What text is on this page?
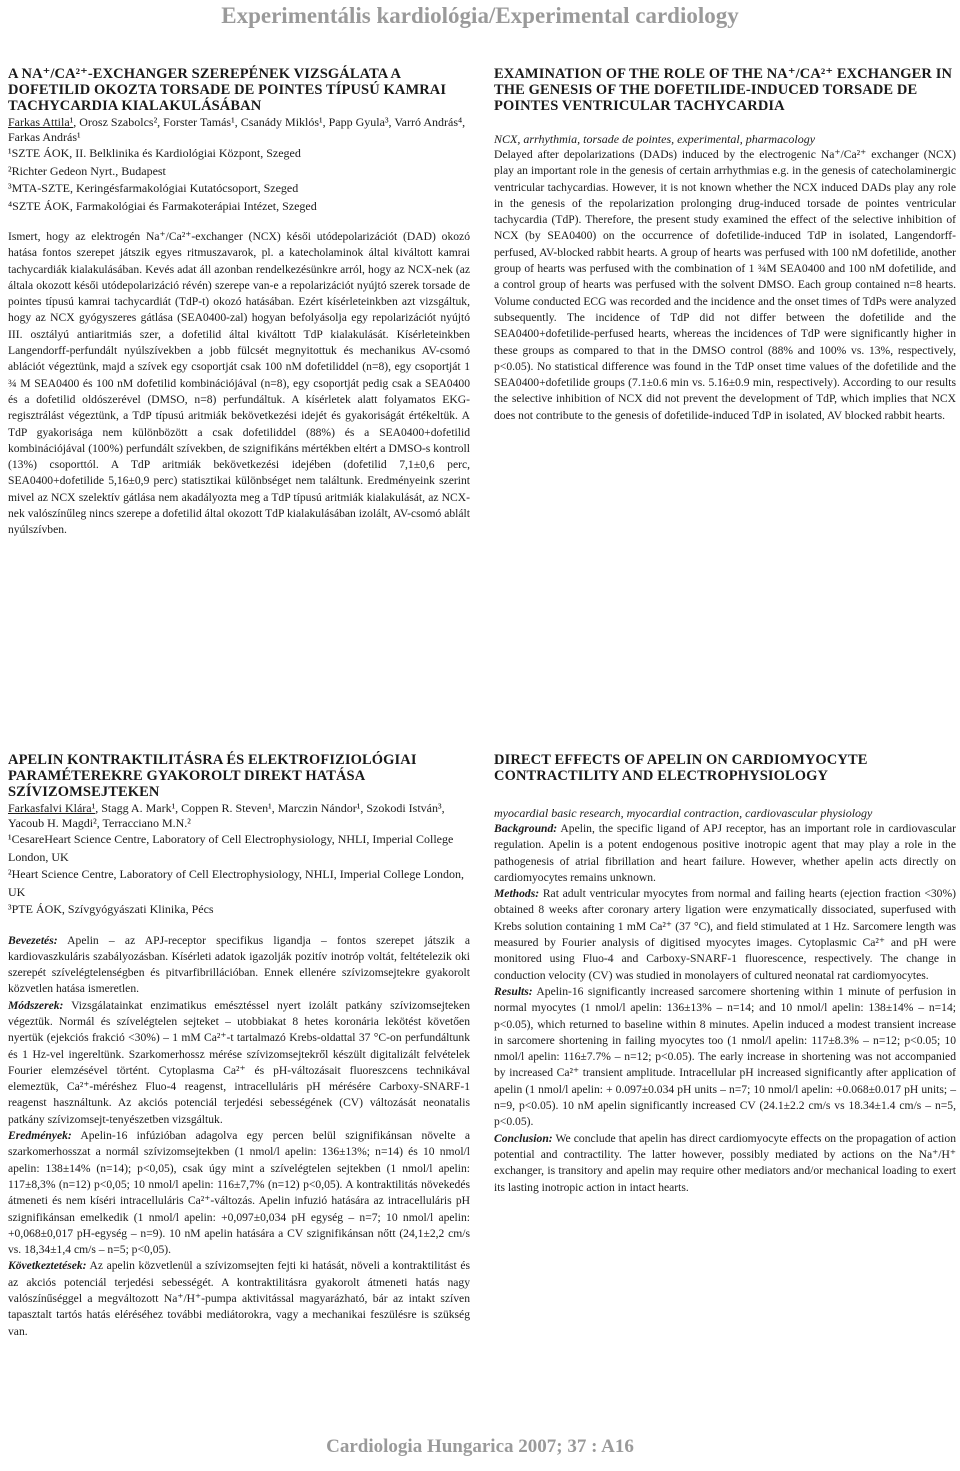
Experimentális kardiológia/Experimental cardiology
A NA⁺/CA²⁺-EXCHANGER SZEREPÉNEK VIZSGÁLATA A DOFETILID OKOZTA TORSADE DE POINTES TÍPUSÚ KAMRAI TACHYCARDIA KIALAKULÁSÁBAN
Farkas Attila¹, Orosz Szabolcs², Forster Tamás¹, Csanády Miklós¹, Papp Gyula³, Varró András⁴, Farkas András¹
¹SZTE ÁOK, II. Belklinika és Kardiológiai Központ, Szeged
²Richter Gedeon Nyrt., Budapest
³MTA-SZTE, Keringésfarmakológiai Kutatócsoport, Szeged
⁴SZTE ÁOK, Farmakológiai és Farmakoterápiai Intézet, Szeged
Ismert, hogy az elektrogén Na⁺/Ca²⁺-exchanger (NCX) késői utódepolarizációt (DAD) okozó hatása fontos szerepet játszik egyes ritmuszavarok, pl. a katecholaminok által kiváltott kamrai tachycardiák kialakulásában. Kevés adat áll azonban rendelkezésünkre arról, hogy az NCX-nek (az általa okozott késői utódepolarizáció révén) szerepe van-e a repolarizációt nyújtó szerek torsade de pointes típusú kamrai tachycardiát (TdP-t) okozó hatásában. Ezért kísérleteinkben azt vizsgáltuk, hogy az NCX gyógyszeres gátlása (SEA0400-zal) hogyan befolyásolja egy repolarizációt nyújtó III. osztályú antiaritmiás szer, a dofetilid által kiváltott TdP kialakulását. Kísérleteinkben Langendorff-perfundált nyúlszívekben a jobb fülcsét megnyitottuk és mechanikus AV-csomó ablációt végeztünk, majd a szívek egy csoportját csak 100 nM dofetiliddel (n=8), egy csoportját 1 ¾ M SEA0400 és 100 nM dofetilid kombinációjával (n=8), egy csoportját pedig csak a SEA0400 és a dofetilid oldószerével (DMSO, n=8) perfundáltuk. A kísérletek alatt folyamatos EKG-regisztrálást végeztünk, a TdP típusú aritmiák bekövetkezési idejét és gyakoriságát értékeltük. A TdP gyakorisága nem különbözött a csak dofetiliddel (88%) és a SEA0400+dofetilid kombinációjával (100%) perfundált szívekben, de szignifikáns mértékben eltért a DMSO-s kontroll (13%) csoporttól. A TdP aritmiák bekövetkezési idejében (dofetilid 7,1±0,6 perc, SEA0400+dofetilide 5,16±0,9 perc) statisztikai különbséget nem találtunk. Eredményeink szerint mivel az NCX szelektív gátlása nem akadályozta meg a TdP típusú aritmiák kialakulását, az NCX-nek valószínűleg nincs szerepe a dofetilid által okozott TdP kialakulásában izolált, AV-csomó ablált nyúlszívben.
EXAMINATION OF THE ROLE OF THE NA⁺/CA²⁺ EXCHANGER IN THE GENESIS OF THE DOFETILIDE-INDUCED TORSADE DE POINTES VENTRICULAR TACHYCARDIA
NCX, arrhythmia, torsade de pointes, experimental, pharmacology
Delayed after depolarizations (DADs) induced by the electrogenic Na⁺/Ca²⁺ exchanger (NCX) play an important role in the genesis of certain arrhythmias e.g. in the genesis of catecholaminergic ventricular tachycardias. However, it is not known whether the NCX induced DADs play any role in the genesis of the repolarization prolonging drug-induced torsade de pointes ventricular tachycardia (TdP). Therefore, the present study examined the effect of the selective inhibition of NCX (by SEA0400) on the occurrence of dofetilide-induced TdP in isolated, Langendorff-perfused, AV-blocked rabbit hearts. A group of hearts was perfused with 100 nM dofetilide, another group of hearts was perfused with the combination of 1 ¾M SEA0400 and 100 nM dofetilide, and a control group of hearts was perfused with the solvent DMSO. Each group contained n=8 hearts. Volume conducted ECG was recorded and the incidence and the onset times of TdPs were analyzed subsequently. The incidence of TdP did not differ between the dofetilide and the SEA0400+dofetilide-perfused hearts, whereas the incidences of TdP were significantly higher in these groups as compared to that in the DMSO control (88% and 100% vs. 13%, respectively, p<0.05). No statistical difference was found in the TdP onset time values of the dofetilide and the SEA0400+dofetilide groups (7.1±0.6 min vs. 5.16±0.9 min, respectively). According to our results the selective inhibition of NCX did not prevent the development of TdP, which implies that NCX does not contribute to the genesis of dofetilide-induced TdP in isolated, AV blocked rabbit hearts.
APELIN KONTRAKTILITÁSRA ÉS ELEKTROFIZIOLÓGIAI PARAMÉTEREKRE GYAKOROLT DIREKT HATÁSA SZÍVIZOMSEJTEKEN
Farkasfalvi Klára¹, Stagg A. Mark¹, Coppen R. Steven¹, Marczin Nándor¹, Szokodi István³, Yacoub H. Magdi², Terracciano M.N.²
¹CesareHeart Science Centre, Laboratory of Cell Electrophysiology, NHLI, Imperial College London, UK
²Heart Science Centre, Laboratory of Cell Electrophysiology, NHLI, Imperial College London, UK
³PTE ÁOK, Szívgyógyászati Klinika, Pécs

Bevezetés: Apelin – az APJ-receptor specifikus ligandja – fontos szerepet játszik a kardiovaszkuláris szabályozásban. Kísérleti adatok igazolják pozitív inotróp voltát, feltételezik oki szerepét szívelégtelenségben és pitvarfibrillációban. Ennek ellenére szívizomsejtekre gyakorolt közvetlen hatása ismeretlen.

Módszerek: Vizsgálatainkat enzimatikus emésztéssel nyert izolált patkány szívizomsejteken végeztük. Normál és szívelégtelen sejteket – utobbiakat 8 hetes koronária lekötést követően nyertük (ejekciós frakció <30%) – 1 mM Ca²⁺-t tartalmazó Krebs-oldattal 37 °C-on perfundáltunk és 1 Hz-vel ingereltünk. Szarkomerhossz mérése szívizomsejtekről készült digitalizált felvételek Fourier elemzésével történt. Cytoplasma Ca²⁺ és pH-változásait fluoreszcens technikával elemeztük, Ca²⁺-méréshez Fluo-4 reagenst, intracelluláris pH mérésére Carboxy-SNARF-1 reagenst használtunk. Az akciós potenciál terjedési sebességének (CV) változását neonatalis patkány szívizomsejt-tenyészetben vizsgáltuk.

Eredmények: Apelin-16 infúzióban adagolva egy percen belül szignifikánsan növelte a szarkomerhosszat a normál szívizomsejtekben (1 nmol/l apelin: 136±13%; n=14) és 10 nmol/l apelin: 138±14% (n=14); p<0,05), csak úgy mint a szívelégtelen sejtekben (1 nmol/l apelin: 117±8,3% (n=12) p<0,05; 10 nmol/l apelin: 116±7,7% (n=12) p<0,05). A kontraktilitás növekedés átmeneti és nem kíséri intracelluláris Ca²⁺-változás. Apelin infuzió hatására az intracelluláris pH szignifikánsan emelkedik (1 nmol/l apelin: +0,097±0,034 pH egység – n=7; 10 nmol/l apelin: +0,068±0,017 pH-egység – n=9). 10 nM apelin hatására a CV szignifikánsan nőtt (24,1±2,2 cm/s vs. 18,34±1,4 cm/s – n=5; p<0,05).

Következtetések: Az apelin közvetlenül a szívizomsejten fejti ki hatását, növeli a kontraktilitást és az akciós potenciál terjedési sebességét. A kontraktilitásra gyakorolt átmeneti hatás nagy valószínűséggel a megváltozott Na⁺/H⁺-pumpa aktivitással magyarázható, bár az intakt szíven tapasztalt tartós hatás eléréséhez további mediátorokra, vagy a mechanikai feszülésre is szükség van.

DIRECT EFFECTS OF APELIN ON CARDIOMYOCYTE CONTRACTILITY AND ELECTROPHYSIOLOGY
myocardial basic research, myocardial contraction, cardiovascular physiology

Background: Apelin, the specific ligand of APJ receptor, has an important role in cardiovascular regulation. Apelin is a potent endogenous positive inotropic agent that may play a role in the pathogenesis of atrial fibrillation and heart failure. However, whether apelin acts directly on cardiomyocytes remains unknown.

Methods: Rat adult ventricular myocytes from normal and failing hearts (ejection fraction <30%) obtained 8 weeks after coronary artery ligation were enzymatically dissociated, superfused with Krebs solution containing 1 mM Ca²⁺ (37 °C), and field stimulated at 1 Hz. Sarcomere length was measured by Fourier analysis of digitised myocytes images. Cytoplasmic Ca²⁺ and pH were monitored using Fluo-4 and Carboxy-SNARF-1 fluorescence, respectively. The change in conduction velocity (CV) was studied in monolayers of cultured neonatal rat cardiomyocytes.

Results: Apelin-16 significantly increased sarcomere shortening within 1 minute of perfusion in normal myocytes (1 nmol/l apelin: 136±13% – n=14; and 10 nmol/l apelin: 138±14% – n=14; p<0.05), which returned to baseline within 8 minutes. Apelin induced a modest transient increase in sarcomere shortening in failing myocytes too (1 nmol/l apelin: 117±8.3% – n=12; p<0.05; 10 nmol/l apelin: 116±7.7% – n=12; p<0.05). The early increase in shortening was not accompanied by increased Ca²⁺ transient amplitude. Intracellular pH increased significantly after application of apelin (1 nmol/l apelin: + 0.097±0.034 pH units – n=7; 10 nmol/l apelin: +0.068±0.017 pH units; – n=9, p<0.05). 10 nM apelin significantly increased CV (24.1±2.2 cm/s vs 18.34±1.4 cm/s – n=5, p<0.05).

Conclusion: We conclude that apelin has direct cardiomyocyte effects on the propagation of action potential and contractility. The latter however, possibly mediated by actions on the Na⁺/H⁺ exchanger, is transitory and apelin may require other mediators and/or mechanical loading to exert its lasting inotropic action in intact hearts.

Cardiologia Hungarica 2007; 37 : A16
